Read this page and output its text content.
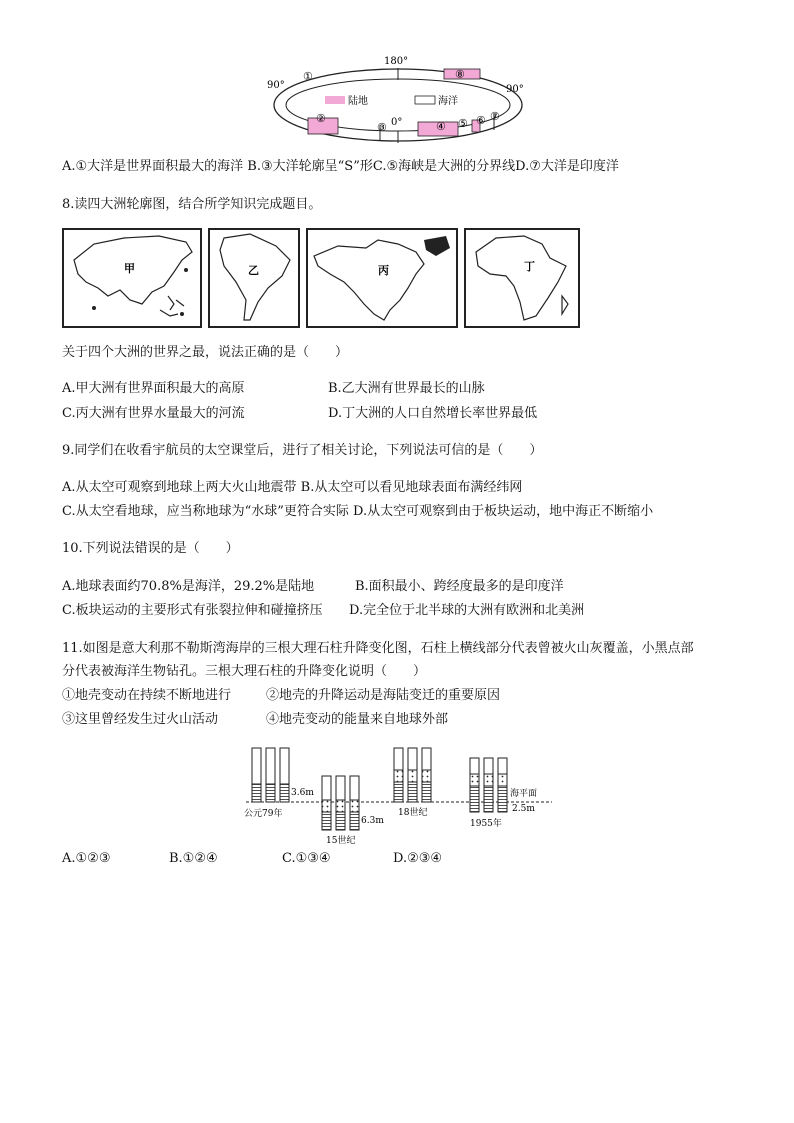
陆地	海洋
180°
90°	90°
0°
①	⑧
②
③	④ ⑤ ⑥ ⑦
A.①大洋是世界面积最大的海洋 B.③大洋轮廓呈“S”形C.⑤海峡是大洲的分界线D.⑦大洋是印度洋
8.读四大洲轮廓图，结合所学知识完成题目。
甲	乙	丙	丁
关于四个大洲的世界之最，说法正确的是（　　）
A.甲大洲有世界面积最大的高原	B.乙大洲有世界最长的山脉
C.丙大洲有世界水量最大的河流	D.丁大洲的人口自然增长率世界最低
9.同学们在收看宇航员的太空课堂后，进行了相关讨论，下列说法可信的是（　　）
A.从太空可观察到地球上两大火山地震带 B.从太空可以看见地球表面布满经纬网
C.从太空看地球，应当称地球为“水球”更符合实际 D.从太空可观察到由于板块运动，地中海正不断缩小
10.下列说法错误的是（　　）
A.地球表面约70.8%是海洋，29.2%是陆地	B.面积最小、跨经度最多的是印度洋
C.板块运动的主要形式有张裂拉伸和碰撞挤压 D.完全位于北半球的大洲有欧洲和北美洲
11.如图是意大利那不勒斯湾海岸的三根大理石柱升降变化图，石柱上横线部分代表曾被火山灰覆盖，小黑点部
分代表被海洋生物钻孔。三根大理石柱的升降变化说明（　　）
①地壳变动在持续不断地进行	②地壳的升降运动是海陆变迁的重要原因
③这里曾经发生过火山活动	④地壳变动的能量来自地球外部
3.6m
公元79年
6.3m
15世纪
18世纪
海平面
2.5m
1955年
A.①②③	B.①②④	C.①③④	D.②③④
